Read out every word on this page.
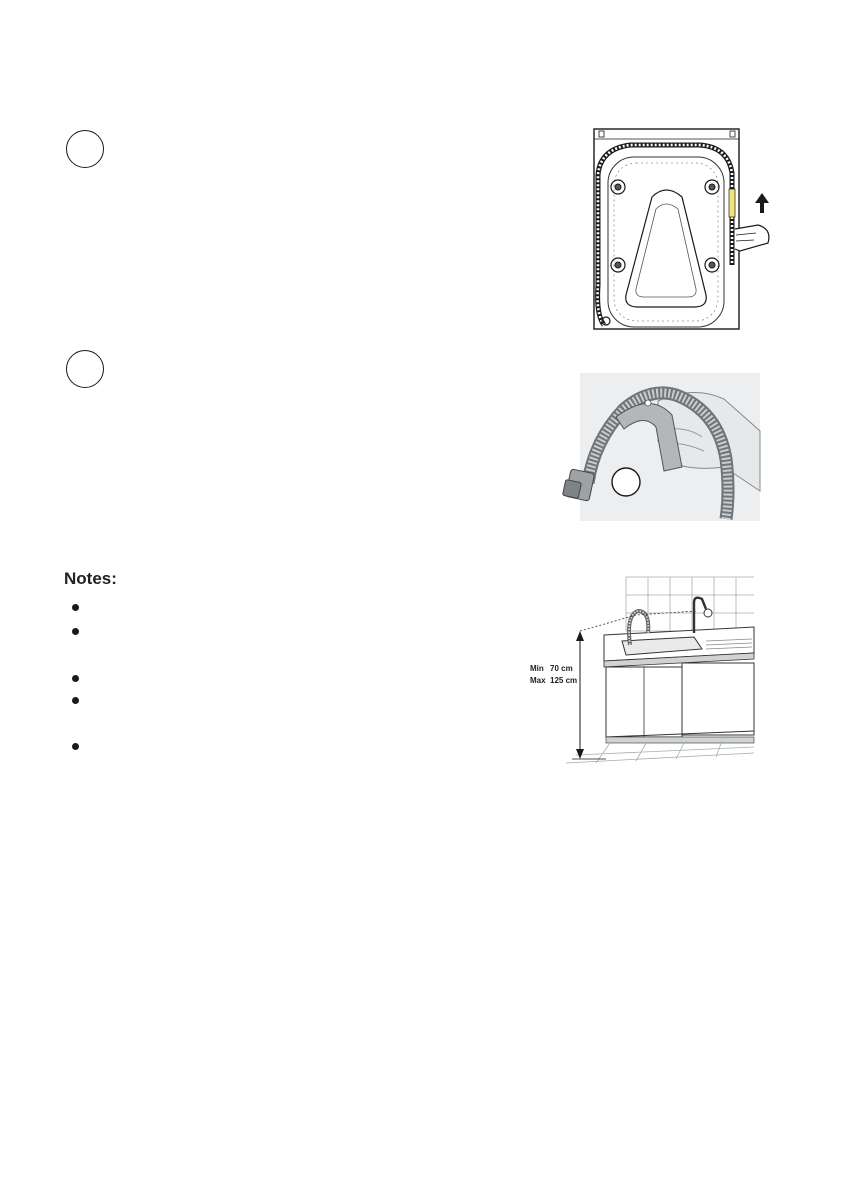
Notes:
Min 70 cm
Max 125 cm
